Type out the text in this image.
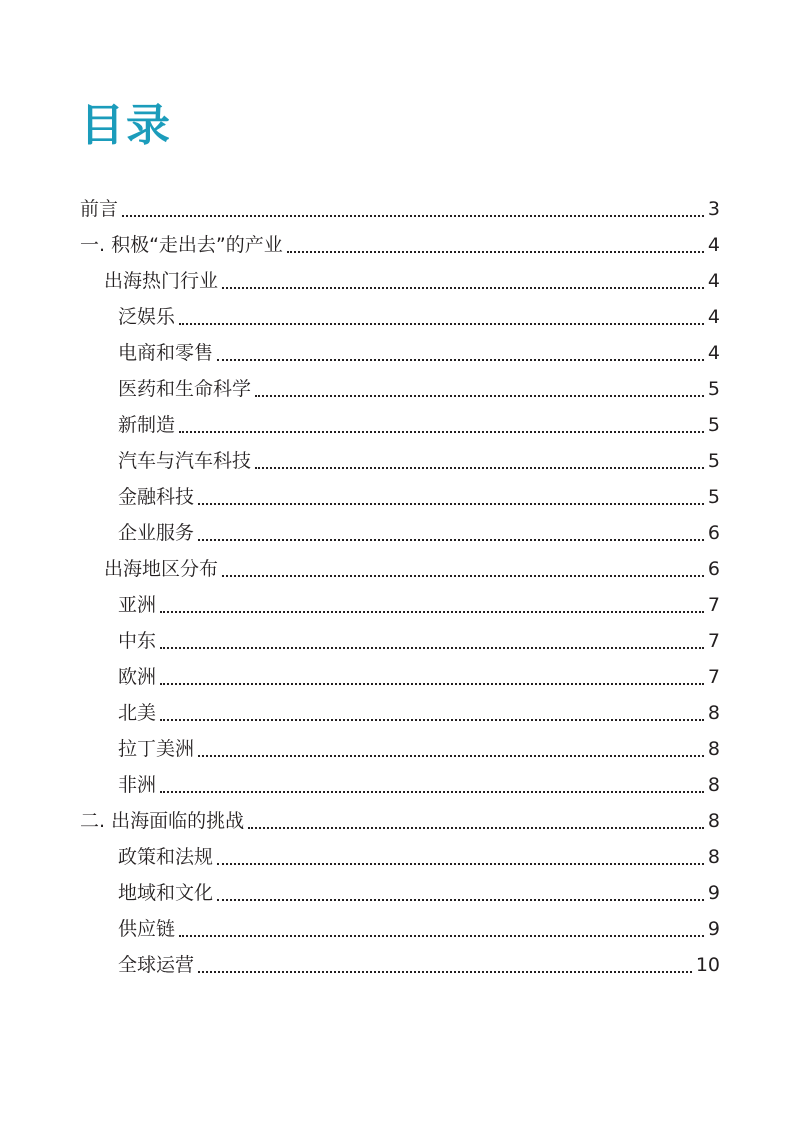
目录
前言	3
一. 积极“走出去”的产业	4
出海热门行业	4
泛娱乐	4
电商和零售	4
医药和生命科学	5
新制造	5
汽车与汽车科技	5
金融科技	5
企业服务	6
出海地区分布	6
亚洲	7
中东	7
欧洲	7
北美	8
拉丁美洲	8
非洲	8
二. 出海面临的挑战	8
政策和法规	8
地域和文化	9
供应链	9
全球运营	10
